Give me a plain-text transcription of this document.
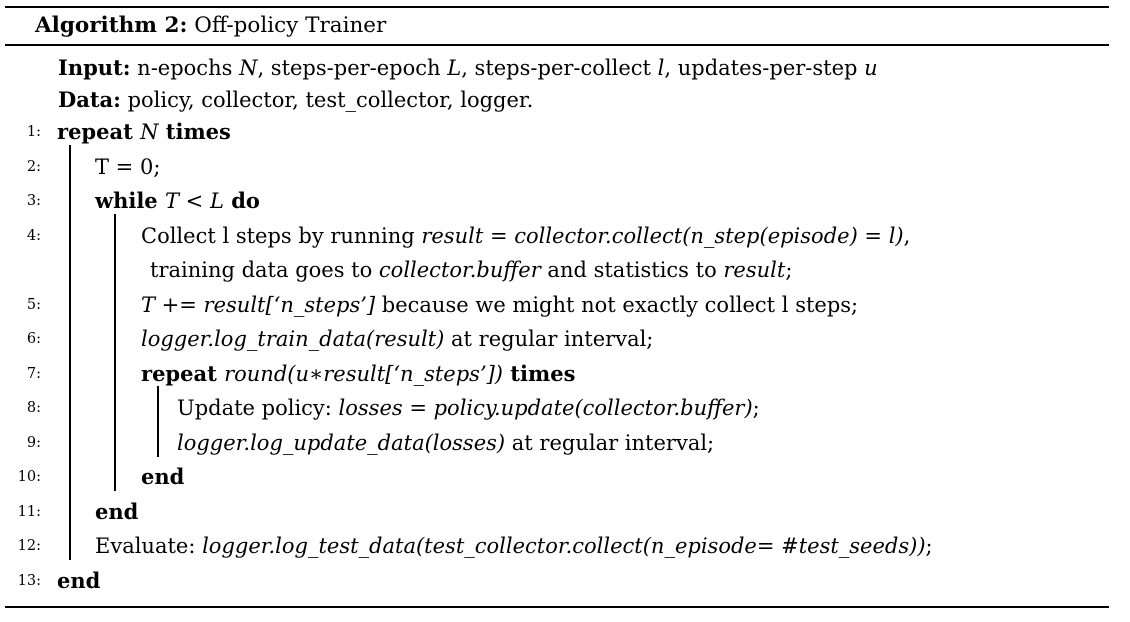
Algorithm 2: Off-policy Trainer
Input: n-epochs N, steps-per-epoch L, steps-per-collect l, updates-per-step u
Data: policy, collector, test_collector, logger.
1: repeat N times
2:	T = 0;
3:	while T < L do
4:	Collect l steps by running result = collector.collect(n_step(episode) = l),
training data goes to collector.buffer and statistics to result;
5:	T += result[‘n_steps’] because we might not exactly collect l steps;
6:	logger.log_train_data(result) at regular interval;
7:	repeat round(u∗result[‘n_steps’]) times
8:	Update policy: losses = policy.update(collector.buffer);
9:	logger.log_update_data(losses) at regular interval;
10:	end
11:	end
12:	Evaluate: logger.log_test_data(test_collector.collect(n_episode= #test_seeds));
13: end
